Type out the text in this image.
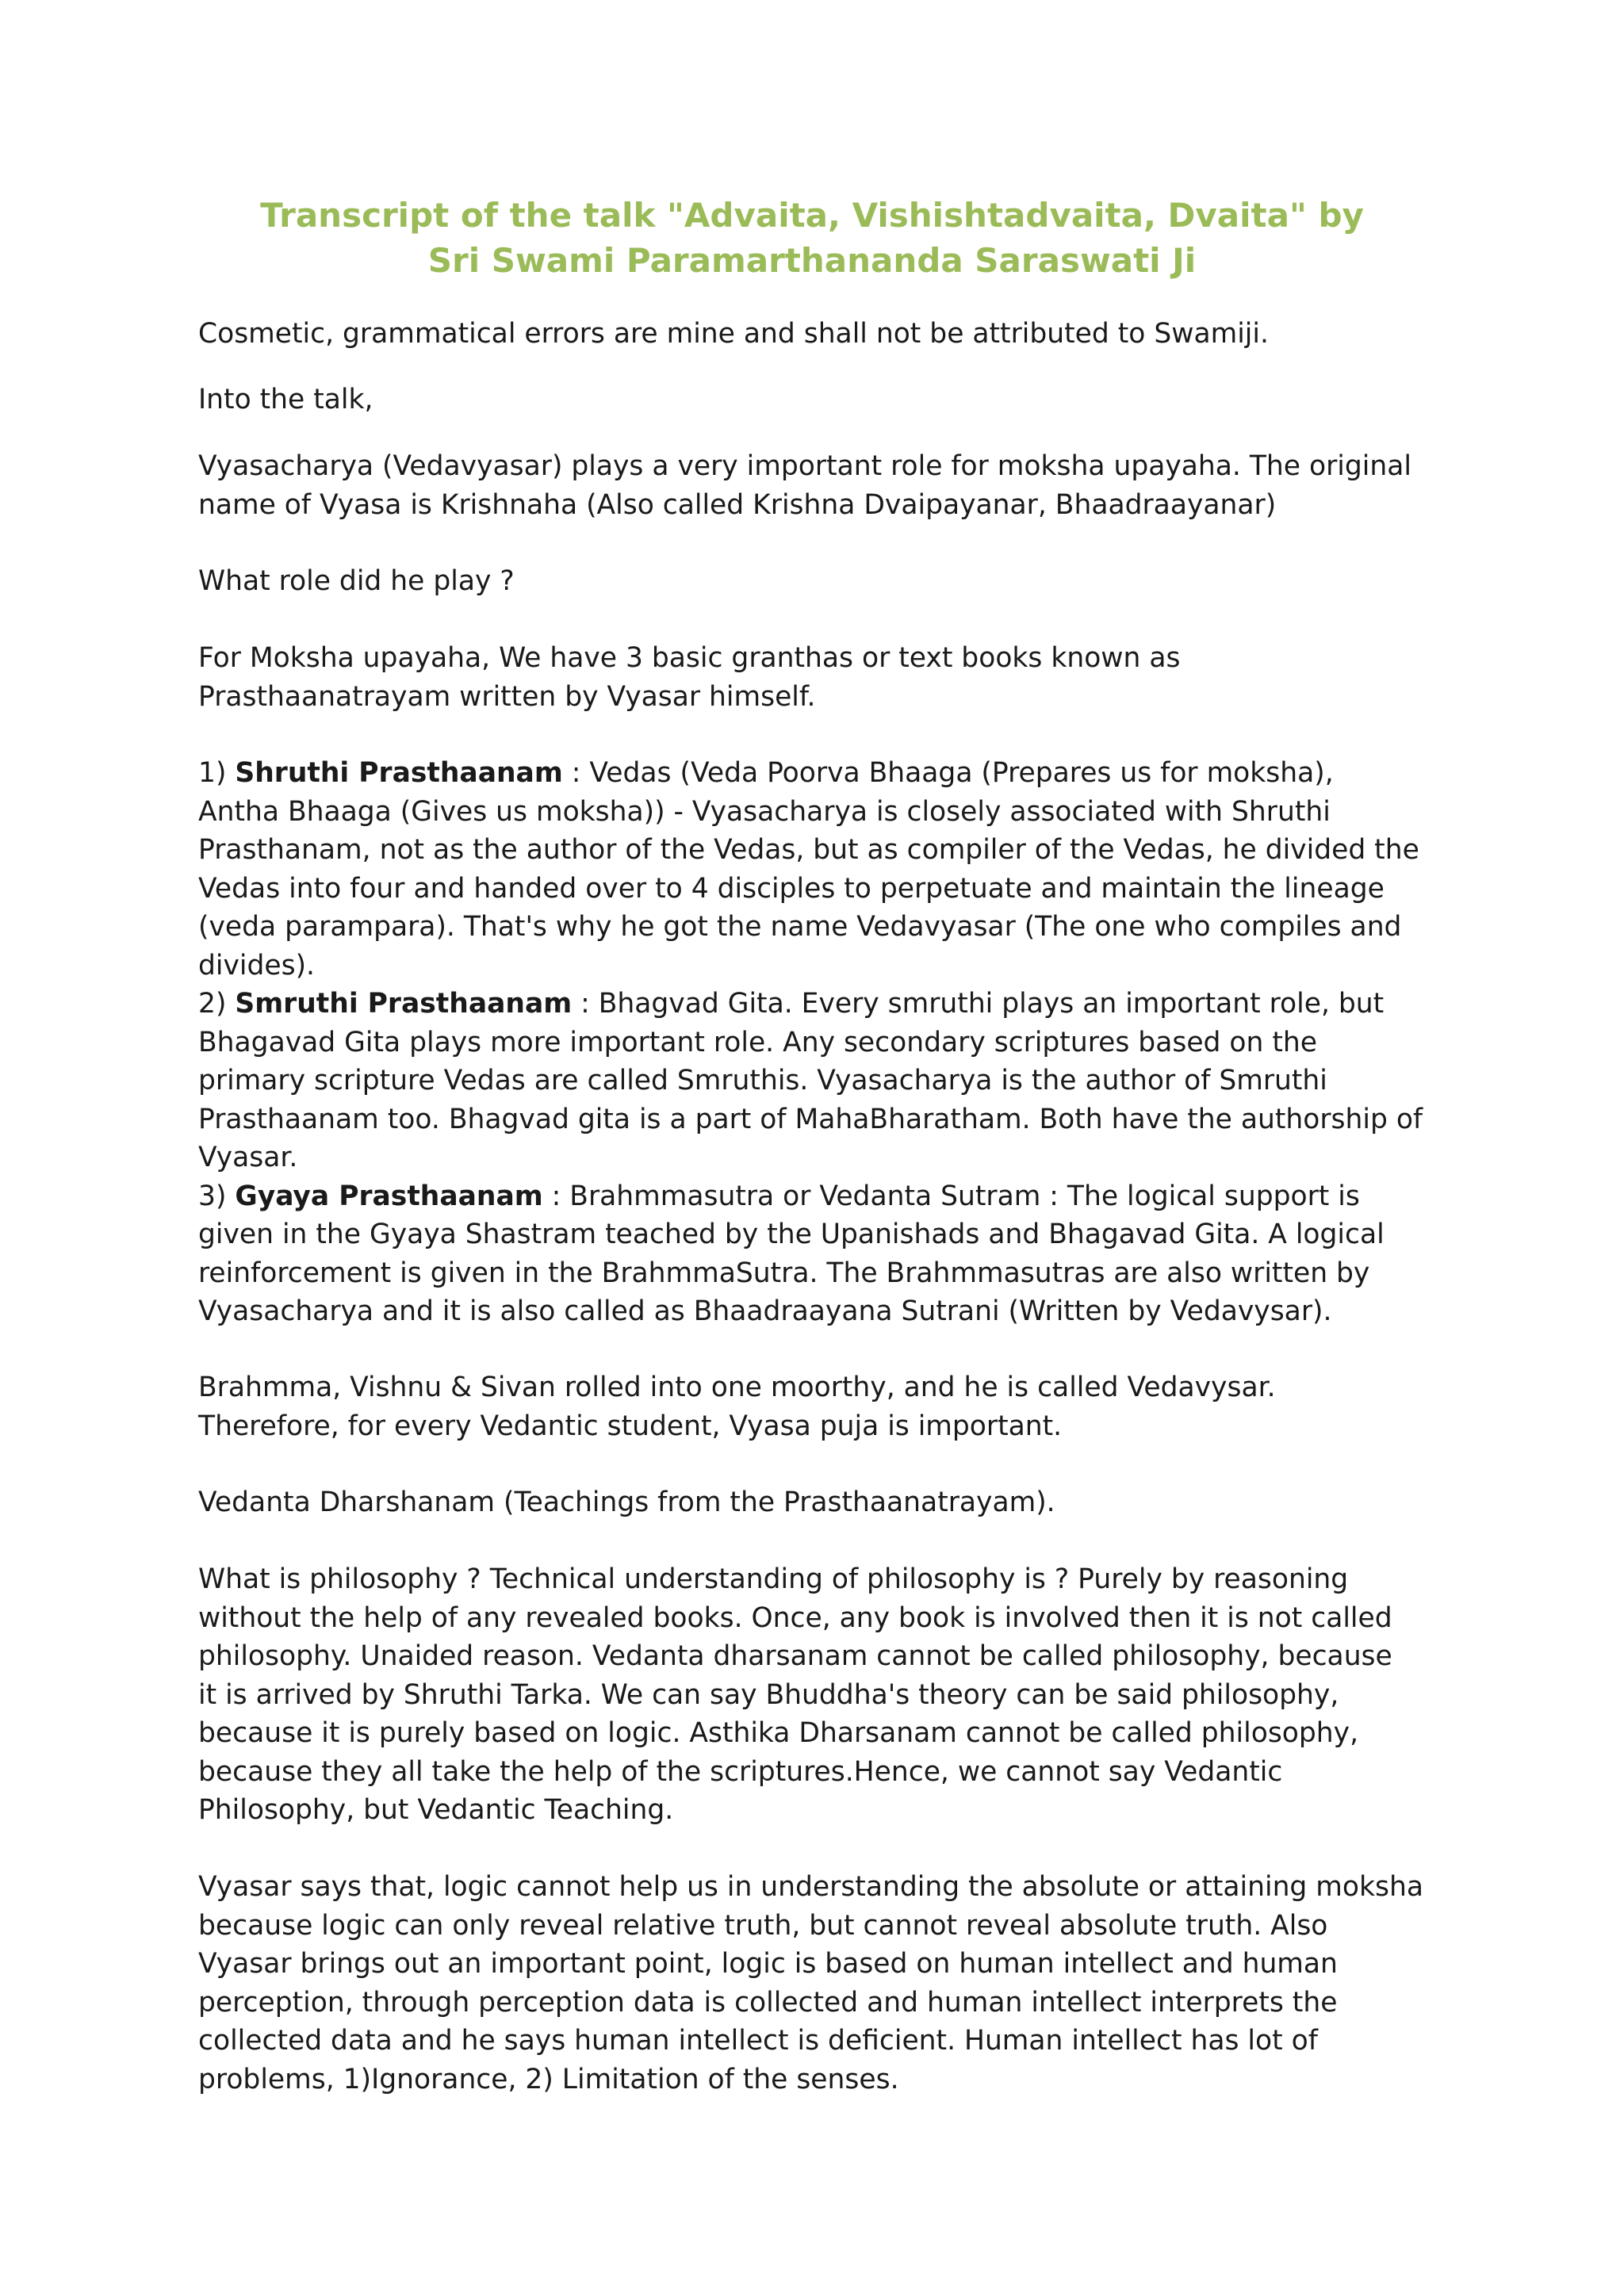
Transcript of the talk "Advaita, Vishishtadvaita, Dvaita" by
Sri Swami Paramarthananda Saraswati Ji

Cosmetic, grammatical errors are mine and shall not be attributed to Swamiji.

Into the talk,

Vyasacharya (Vedavyasar) plays a very important role for moksha upayaha. The original
name of Vyasa is Krishnaha (Also called Krishna Dvaipayanar, Bhaadraayanar)

What role did he play ?

For Moksha upayaha, We have 3 basic granthas or text books known as
Prasthaanatrayam written by Vyasar himself.

1) Shruthi Prasthaanam : Vedas (Veda Poorva Bhaaga (Prepares us for moksha),
Antha Bhaaga (Gives us moksha)) - Vyasacharya is closely associated with Shruthi
Prasthanam, not as the author of the Vedas, but as compiler of the Vedas, he divided the
Vedas into four and handed over to 4 disciples to perpetuate and maintain the lineage
(veda parampara). That's why he got the name Vedavyasar (The one who compiles and
divides).
2) Smruthi Prasthaanam : Bhagvad Gita. Every smruthi plays an important role, but
Bhagavad Gita plays more important role. Any secondary scriptures based on the
primary scripture Vedas are called Smruthis. Vyasacharya is the author of Smruthi
Prasthaanam too. Bhagvad gita is a part of MahaBharatham. Both have the authorship of
Vyasar.
3) Gyaya Prasthaanam : Brahmmasutra or Vedanta Sutram : The logical support is
given in the Gyaya Shastram teached by the Upanishads and Bhagavad Gita. A logical
reinforcement is given in the BrahmmaSutra. The Brahmmasutras are also written by
Vyasacharya and it is also called as Bhaadraayana Sutrani (Written by Vedavysar).

Brahmma, Vishnu & Sivan rolled into one moorthy, and he is called Vedavysar.
Therefore, for every Vedantic student, Vyasa puja is important.

Vedanta Dharshanam (Teachings from the Prasthaanatrayam).

What is philosophy ? Technical understanding of philosophy is ? Purely by reasoning
without the help of any revealed books. Once, any book is involved then it is not called
philosophy. Unaided reason. Vedanta dharsanam cannot be called philosophy, because
it is arrived by Shruthi Tarka. We can say Bhuddha's theory can be said philosophy,
because it is purely based on logic. Asthika Dharsanam cannot be called philosophy,
because they all take the help of the scriptures.Hence, we cannot say Vedantic
Philosophy, but Vedantic Teaching.

Vyasar says that, logic cannot help us in understanding the absolute or attaining moksha
because logic can only reveal relative truth, but cannot reveal absolute truth. Also
Vyasar brings out an important point, logic is based on human intellect and human
perception, through perception data is collected and human intellect interprets the
collected data and he says human intellect is deficient. Human intellect has lot of
problems, 1)Ignorance, 2) Limitation of the senses.
